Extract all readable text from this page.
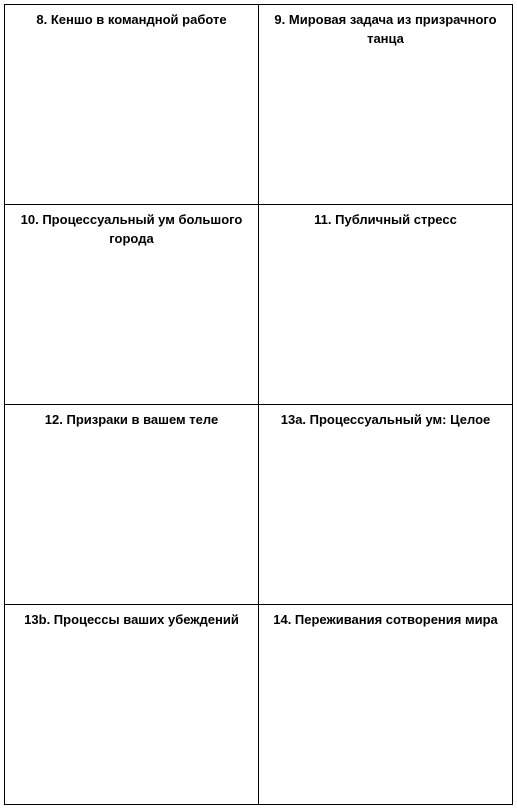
8. Кеншо в командной работе	9. Мировая задача из призрачного танца

10. Процессуальный ум большого города	11. Публичный стресс

12. Призраки в вашем теле	13a. Процессуальный ум: Целое

13b. Процессы ваших убеждений	14. Переживания сотворения мира
